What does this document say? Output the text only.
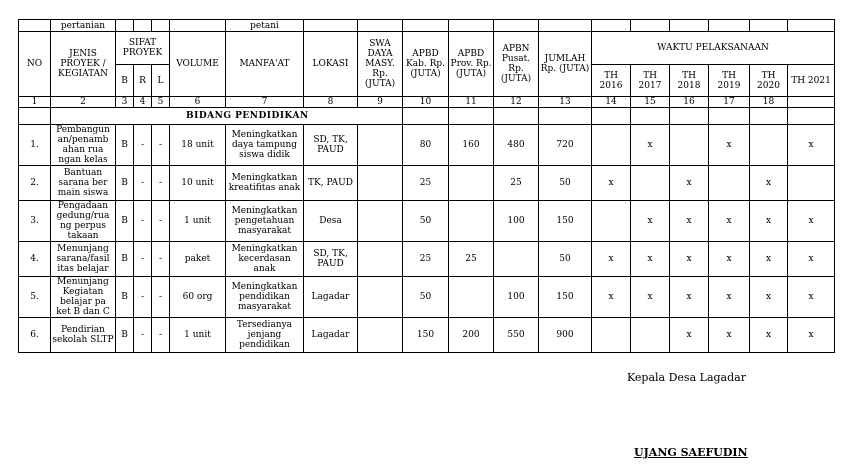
	pertanian					petani												
NO	JENIS PROYEK / KEGIATAN	SIFAT PROYEK			VOLUME	MANFA'AT	LOKASI	SWA DAYA MASY. Rp. (JUTA)	APBD Kab. Rp. (JUTA)	APBD Prov. Rp. (JUTA)	APBN Pusat. Rp. (JUTA)	JUMLAH Rp. (JUTA)	WAKTU PELAKSANAAN					
		B	R	L									TH 2016	TH 2017	TH 2018	TH 2019	TH 2020	TH 2021
1	2	3	4	5	6	7	8	9	10	11	12	13	14	15	16	17	18	
	BIDANG PENDIDIKAN																	
1.	Pembangun an/penamb ahan rua ngan kelas	B	-	-	18 unit	Meningkatkan daya tampung siswa didik	SD, TK, PAUD		80	160	480	720		x		x		x
2.	Bantuan sarana ber main siswa	B	-	-	10 unit	Meningkatkan kreatifitas anak	TK, PAUD		25		25	50	x		x		x	
3.	Pengadaan gedung/rua ng perpus takaan	B	-	-	1 unit	Meningkatkan pengetahuan masyarakat	Desa		50		100	150		x	x	x	x	x
4.	Menunjang sarana/fasil itas belajar	B	-	-	paket	Meningkatkan kecerdasan anak	SD, TK, PAUD		25	25		50	x	x	x	x	x	x
5.	Menunjang Kegiatan belajar pa ket B dan C	B	-	-	60 org	Meningkatkan pendidikan masyarakat	Lagadar		50		100	150	x	x	x	x	x	x
6.	Pendirian sekolah SLTP	B	-	-	1 unit	Tersedianya jenjang pendidikan	Lagadar		150	200	550	900			x	x	x	x
Kepala Desa Lagadar
UJANG SAEFUDIN
